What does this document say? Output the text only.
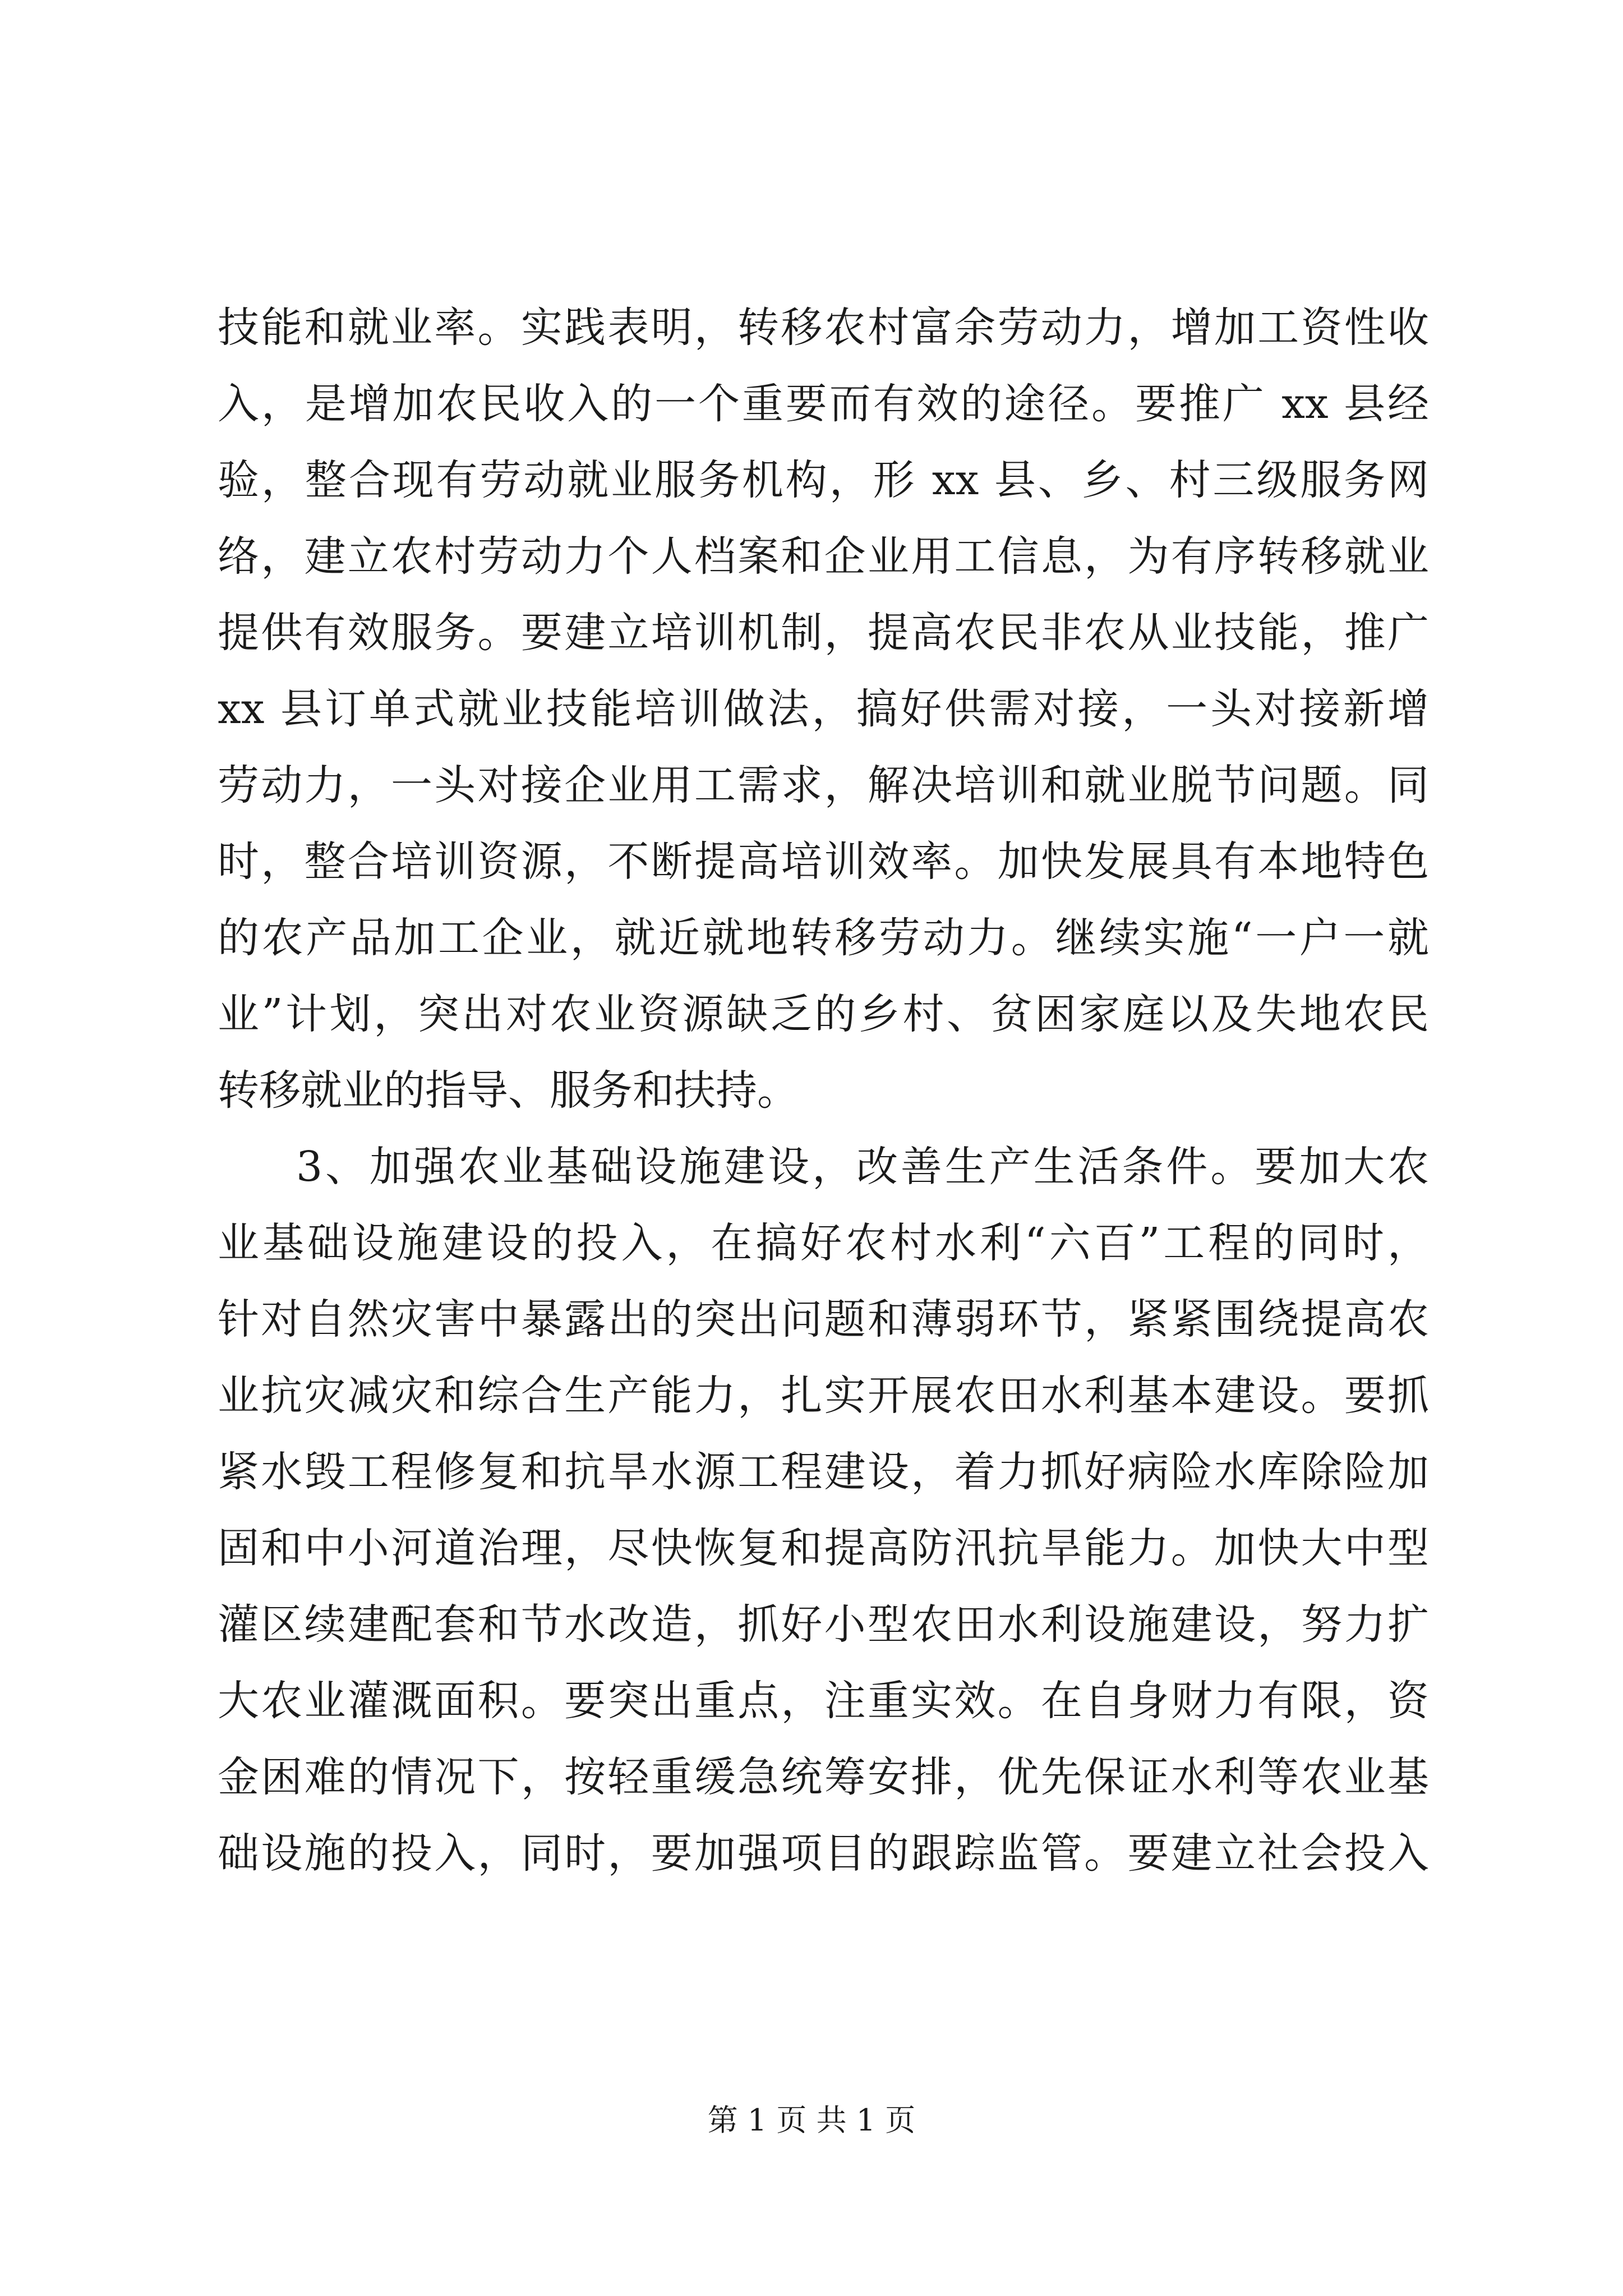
技能和就业率。实践表明，转移农村富余劳动力，增加工资性收
入，是增加农民收入的一个重要而有效的途径。要推广 xx 县经
验，整合现有劳动就业服务机构，形 xx 县、乡、村三级服务网
络，建立农村劳动力个人档案和企业用工信息，为有序转移就业
提供有效服务。要建立培训机制，提高农民非农从业技能，推广
xx 县订单式就业技能培训做法，搞好供需对接，一头对接新增
劳动力，一头对接企业用工需求，解决培训和就业脱节问题。同
时，整合培训资源，不断提高培训效率。加快发展具有本地特色
的农产品加工企业，就近就地转移劳动力。继续实施“一户一就
业”计划，突出对农业资源缺乏的乡村、贫困家庭以及失地农民
转移就业的指导、服务和扶持。
3、加强农业基础设施建设，改善生产生活条件。要加大农
业基础设施建设的投入，在搞好农村水利“六百”工程的同时，
针对自然灾害中暴露出的突出问题和薄弱环节，紧紧围绕提高农
业抗灾减灾和综合生产能力，扎实开展农田水利基本建设。要抓
紧水毁工程修复和抗旱水源工程建设，着力抓好病险水库除险加
固和中小河道治理，尽快恢复和提高防汛抗旱能力。加快大中型
灌区续建配套和节水改造，抓好小型农田水利设施建设，努力扩
大农业灌溉面积。要突出重点，注重实效。在自身财力有限，资
金困难的情况下，按轻重缓急统筹安排，优先保证水利等农业基
础设施的投入，同时，要加强项目的跟踪监管。要建立社会投入
第 1 页 共 1 页
